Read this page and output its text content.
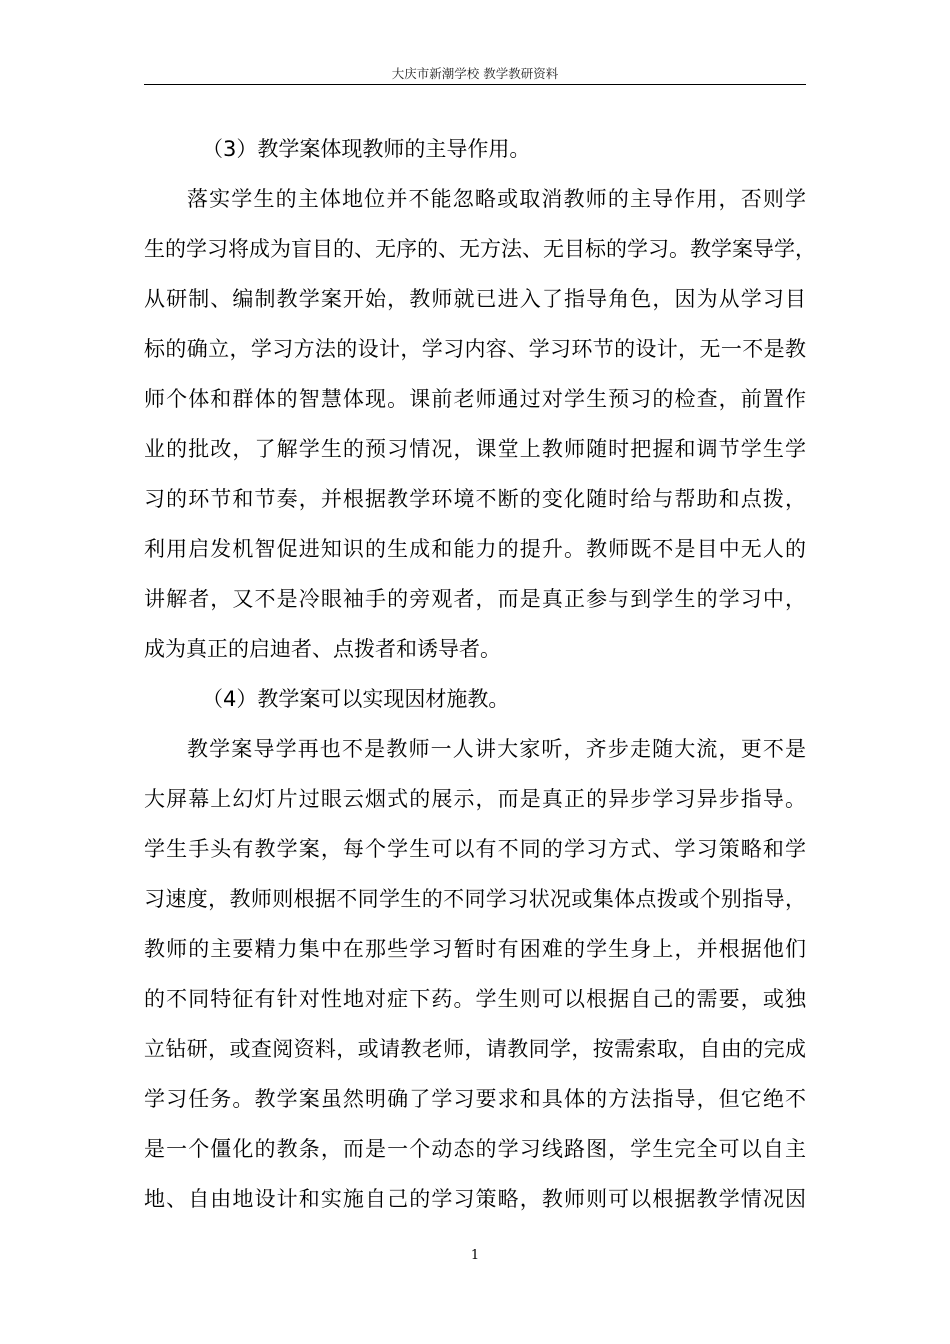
大庆市新潮学校 教学教研资料
（3）教学案体现教师的主导作用。
落实学生的主体地位并不能忽略或取消教师的主导作用，否则学
生的学习将成为盲目的、无序的、无方法、无目标的学习。教学案导学，
从研制、编制教学案开始，教师就已进入了指导角色，因为从学习目
标的确立，学习方法的设计，学习内容、学习环节的设计，无一不是教
师个体和群体的智慧体现。课前老师通过对学生预习的检查，前置作
业的批改，了解学生的预习情况，课堂上教师随时把握和调节学生学
习的环节和节奏，并根据教学环境不断的变化随时给与帮助和点拨，
利用启发机智促进知识的生成和能力的提升。教师既不是目中无人的
讲解者，又不是冷眼袖手的旁观者，而是真正参与到学生的学习中，
成为真正的启迪者、点拨者和诱导者。
（4）教学案可以实现因材施教。
教学案导学再也不是教师一人讲大家听，齐步走随大流，更不是
大屏幕上幻灯片过眼云烟式的展示，而是真正的异步学习异步指导。
学生手头有教学案，每个学生可以有不同的学习方式、学习策略和学
习速度，教师则根据不同学生的不同学习状况或集体点拨或个别指导，
教师的主要精力集中在那些学习暂时有困难的学生身上，并根据他们
的不同特征有针对性地对症下药。学生则可以根据自己的需要，或独
立钻研，或查阅资料，或请教老师，请教同学，按需索取，自由的完成
学习任务。教学案虽然明确了学习要求和具体的方法指导，但它绝不
是一个僵化的教条，而是一个动态的学习线路图，学生完全可以自主
地、自由地设计和实施自己的学习策略，教师则可以根据教学情况因
1
